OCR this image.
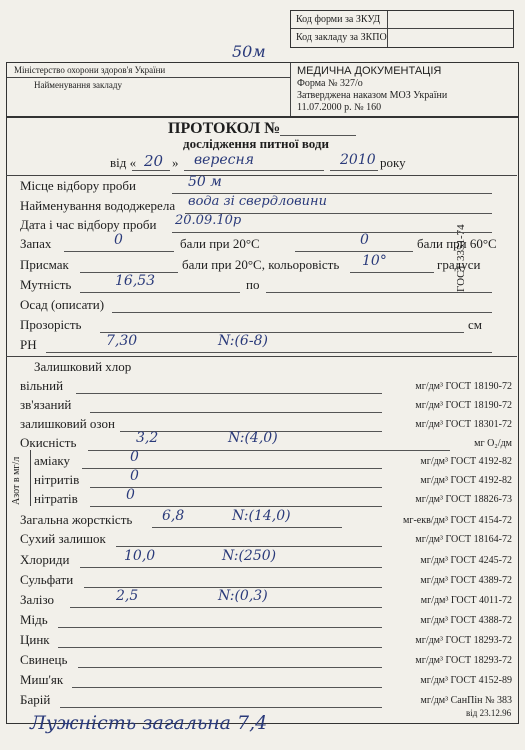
Код форми за ЗКУД
Код закладу за ЗКПО
50м
Міністерство охорони здоров'я України
Найменування закладу
МЕДИЧНА ДОКУМЕНТАЦІЯ
Форма № 327/о
Затверджена наказом МОЗ України
11.07.2000 р. № 160
ПРОТОКОЛ №
дослідження питної води
від « 20 » вересня	2010 року
ГОСТ 3351-74
Азот в мг/л
Місце відбору проби	50 м
Найменування вододжерела вода зі свердловини
Дата і час відбору проби 20.09.10р
Запах	0	бали при 20°С	0	бали при 60°С
Присмак	бали при 20°С, кольоровість 10°	градуси
Мутність	16,53	по
Осад (описати)
Прозорість	см
PH	7,30	N:(6-8)
Залишковий хлор
вільний	мг/дм³ ГОСТ 18190-72
зв'язаний	мг/дм³ ГОСТ 18190-72
залишковий озон	мг/дм³ ГОСТ 18301-72
Окисність	3,2	N:(4,0)	мг О₂/дм
аміаку	0	мг/дм³ ГОСТ 4192-82
нітритів	0	мг/дм³ ГОСТ 4192-82
нітратів	0	мг/дм³ ГОСТ 18826-73
Загальна жорсткість 6,8	N:(14,0)	мг-екв/дм³ ГОСТ 4154-72
Сухий залишок	мг/дм³ ГОСТ 18164-72
Хлориди	10,0	N:(250)	мг/дм³ ГОСТ 4245-72
Сульфати	мг/дм³ ГОСТ 4389-72
Залізо	2,5	N:(0,3)	мг/дм³ ГОСТ 4011-72
Мідь	мг/дм³ ГОСТ 4388-72
Цинк	мг/дм³ ГОСТ 18293-72
Свинець	мг/дм³ ГОСТ 18293-72
Миш'як	мг/дм³ ГОСТ 4152-89
Барій	мг/дм³ СанПін № 383
від 23.12.96
Лужність загальна 7,4
